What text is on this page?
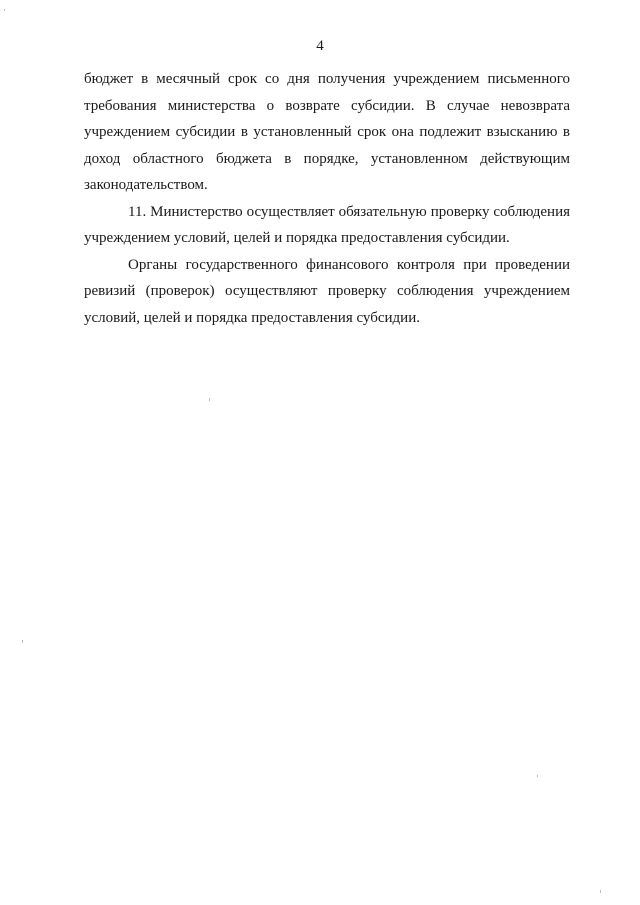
4

бюджет в месячный срок со дня получения учреждением письменного требования министерства о возврате субсидии. В случае невозврата учреждением субсидии в установленный срок она подлежит взысканию в доход областного бюджета в порядке, установленном действующим законодательством.

11. Министерство осуществляет обязательную проверку соблюдения учреждением условий, целей и порядка предоставления субсидии.

Органы государственного финансового контроля при проведении ревизий (проверок) осуществляют проверку соблюдения учреждением условий, целей и порядка предоставления субсидии.
